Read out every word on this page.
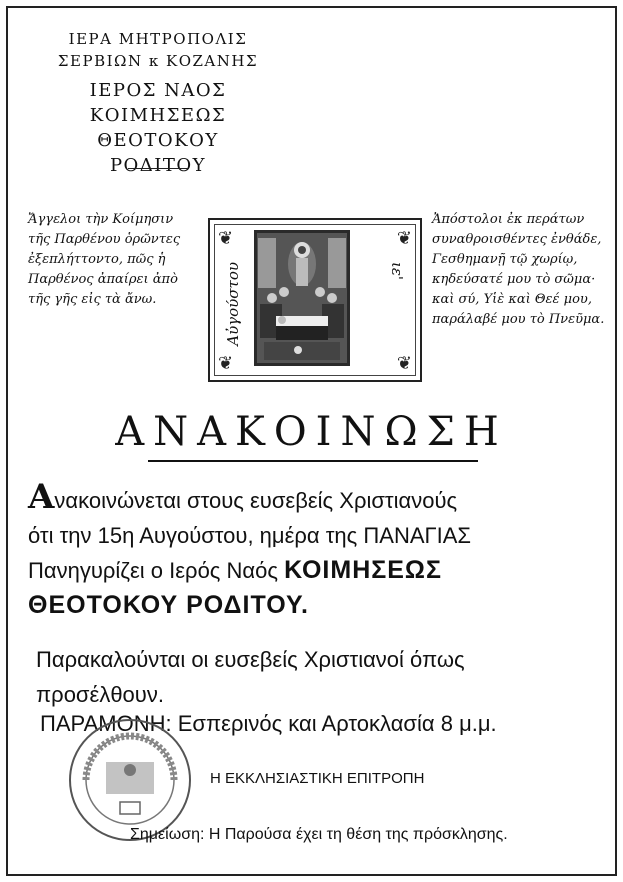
ΙΕΡΑ ΜΗΤΡΟΠΟΛΙΣ
ΣΕΡΒΙΩΝ κ ΚΟΖΑΝΗΣ
ΙΕΡΟΣ ΝΑΟΣ
ΚΟΙΜΗΣΕΩΣ ΘΕΟΤΟΚΟΥ
ΡΟΔΙΤΟΥ
Ἄγγελοι τὴν Κοίμησιν τῆς Παρθένου ὁρῶντες ἐξεπλήττοντο, πῶς ἡ Παρθένος ἀπαίρει ἀπὸ τῆς γῆς εἰς τὰ ἄνω.	Αὐγούστου	ιε'
❦	❦
❦	❦
Ἀπόστολοι ἐκ περάτων συναθροισθέντες ἐνθάδε, Γεσθημανῇ τῷ χωρίῳ, κηδεύσατέ μου τὸ σῶμα· καὶ σύ, Υἱὲ καὶ Θεέ μου, παράλαβέ μου τὸ Πνεῦμα.
ΑΝΑΚΟΙΝΩΣΗ
Ανακοινώνεται στους ευσεβείς Χριστιανούς
ότι την 15η Αυγούστου, ημέρα της ΠΑΝΑΓΙΑΣ
Πανηγυρίζει ο Ιερός Ναός ΚΟΙΜΗΣΕΩΣ
ΘΕΟΤΟΚΟΥ ΡΟΔΙΤΟΥ.
Παρακαλούνται οι ευσεβείς Χριστιανοί όπως
προσέλθουν.
ΠΑΡΑΜΟΝΗ: Εσπερινός και Αρτοκλασία 8 μ.μ.
Η ΕΚΚΛΗΣΙΑΣΤΙΚΗ ΕΠΙΤΡΟΠΗ
Σημείωση: Η Παρούσα έχει τη θέση της πρόσκλησης.
